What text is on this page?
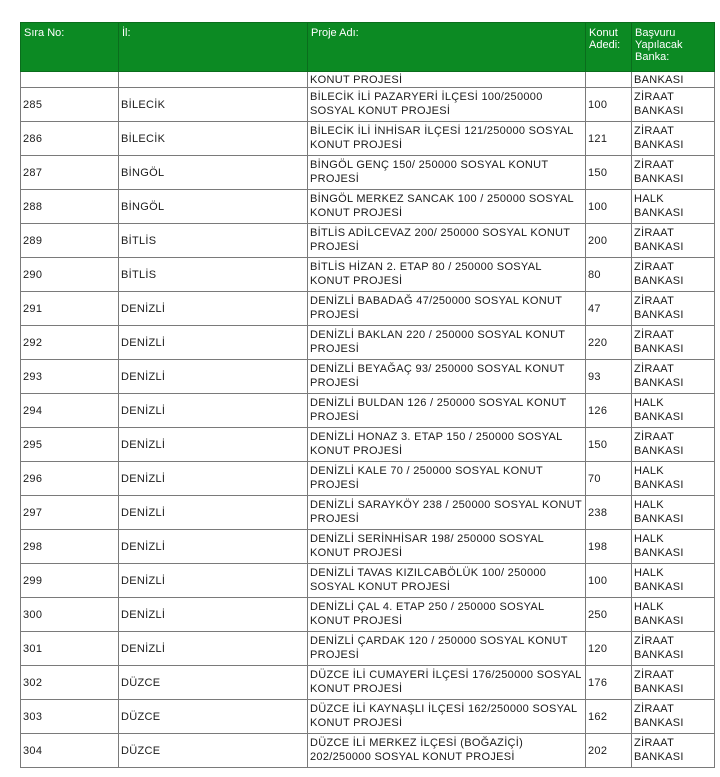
Sıra No:	İl:	Proje Adı:	Konut Adedi:	Başvuru Yapılacak Banka:
		KONUT PROJESİ		BANKASI
285	BİLECİK	BİLECİK İLİ PAZARYERİ İLÇESİ 100/250000 SOSYAL KONUT PROJESİ	100	ZİRAAT BANKASI
286	BİLECİK	BİLECİK İLİ İNHİSAR İLÇESİ 121/250000 SOSYAL KONUT PROJESİ	121	ZİRAAT BANKASI
287	BİNGÖL	BİNGÖL GENÇ 150/ 250000 SOSYAL KONUT PROJESİ	150	ZİRAAT BANKASI
288	BİNGÖL	BİNGÖL MERKEZ SANCAK 100 / 250000 SOSYAL KONUT PROJESİ	100	HALK BANKASI
289	BİTLİS	BİTLİS ADİLCEVAZ 200/ 250000 SOSYAL KONUT PROJESİ	200	ZİRAAT BANKASI
290	BİTLİS	BİTLİS HİZAN 2. ETAP 80 / 250000 SOSYAL KONUT PROJESİ	80	ZİRAAT BANKASI
291	DENİZLİ	DENİZLİ BABADAĞ 47/250000 SOSYAL KONUT PROJESİ	47	ZİRAAT BANKASI
292	DENİZLİ	DENİZLİ BAKLAN 220 / 250000 SOSYAL KONUT PROJESİ	220	ZİRAAT BANKASI
293	DENİZLİ	DENİZLİ BEYAĞAÇ 93/ 250000 SOSYAL KONUT PROJESİ	93	ZİRAAT BANKASI
294	DENİZLİ	DENİZLİ BULDAN 126 / 250000 SOSYAL KONUT PROJESİ	126	HALK BANKASI
295	DENİZLİ	DENİZLİ HONAZ 3. ETAP 150 / 250000 SOSYAL KONUT PROJESİ	150	ZİRAAT BANKASI
296	DENİZLİ	DENİZLİ KALE 70 / 250000 SOSYAL KONUT PROJESİ	70	HALK BANKASI
297	DENİZLİ	DENİZLİ SARAYKÖY 238 / 250000 SOSYAL KONUT PROJESİ	238	HALK BANKASI
298	DENİZLİ	DENİZLİ SERİNHİSAR 198/ 250000 SOSYAL KONUT PROJESİ	198	HALK BANKASI
299	DENİZLİ	DENİZLİ TAVAS KIZILCABÖLÜK 100/ 250000 SOSYAL KONUT PROJESİ	100	HALK BANKASI
300	DENİZLİ	DENİZLİ ÇAL 4. ETAP 250 / 250000 SOSYAL KONUT PROJESİ	250	HALK BANKASI
301	DENİZLİ	DENİZLİ ÇARDAK 120 / 250000 SOSYAL KONUT PROJESİ	120	ZİRAAT BANKASI
302	DÜZCE	DÜZCE İLİ CUMAYERİ İLÇESİ 176/250000 SOSYAL KONUT PROJESİ	176	ZİRAAT BANKASI
303	DÜZCE	DÜZCE İLİ KAYNAŞLI İLÇESİ 162/250000 SOSYAL KONUT PROJESİ	162	ZİRAAT BANKASI
304	DÜZCE	DÜZCE İLİ MERKEZ İLÇESİ (BOĞAZİÇİ) 202/250000 SOSYAL KONUT PROJESİ	202	ZİRAAT BANKASI
